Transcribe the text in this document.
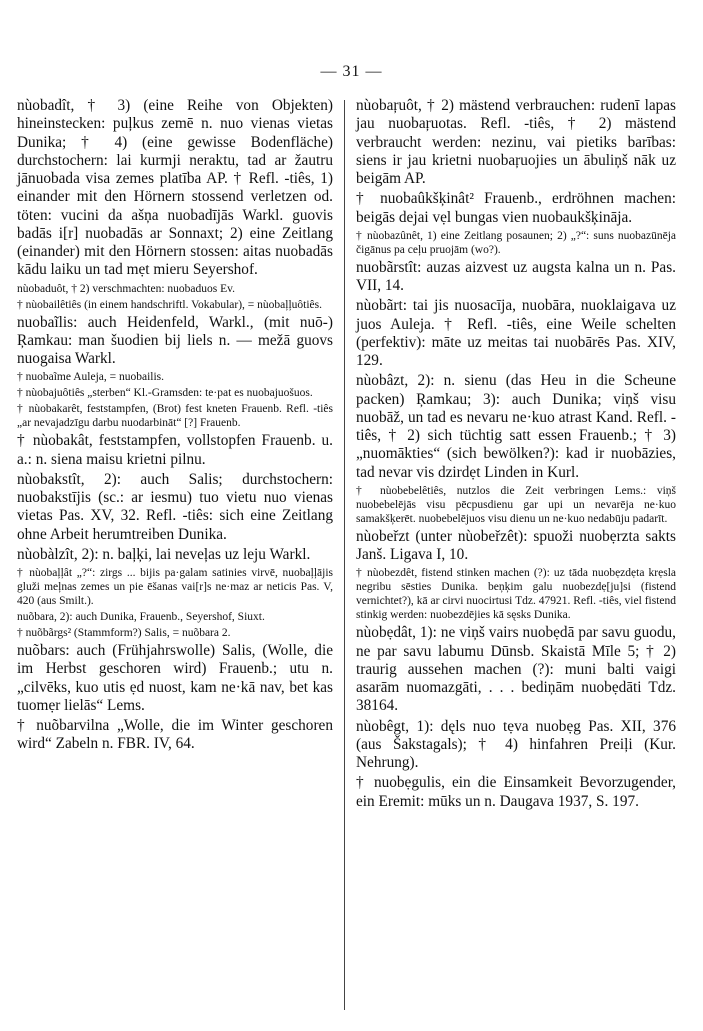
— 31 —

nùobadît, † 3) (eine Reihe von Objekten) hineinstecken: puļkus zemē n. nuo vienas vietas Dunika; † 4) (eine gewisse Bodenfläche) durchstochern: lai kurmji neraktu, tad ar žautru jānuobada visa zemes platība AP. † Refl. -tiês, 1) einander mit den Hörnern stossend verletzen od. töten: vucini da ašņa nuobadījās Warkl. guovis badās i[r] nuobadās ar Sonnaxt; 2) eine Zeitlang (einander) mit den Hörnern stossen: aitas nuobadās kādu laiku un tad mẹt mieru Seyershof.

nùobaduôt, † 2) verschmachten: nuobaduos Ev.

† nùobailêtiês (in einem handschriftl. Vokabular), = nùobaļļuôtiês.

nuobaĩlis: auch Heidenfeld, Warkl., (mit nuō-) Ŗamkau: man šuodien bij liels n. — mežā guovs nuogaisa Warkl.

† nuobaĩme Auleja, = nuobailis.

† nùobajuôtiês „sterben“ Kl.-Gramsden: te·pat es nuobajuošuos.

† nùobakarêt, feststampfen, (Brot) fest kneten Frauenb. Refl. -tiês „ar nevajadzīgu darbu nuodarbināt“ [?] Frauenb.

† nùobakât, feststampfen, vollstopfen Frauenb. u. a.: n. siena maisu krietni pilnu.

nùobakstît, 2): auch Salis; durchstochern: nuobakstījis (sc.: ar iesmu) tuo vietu nuo vienas vietas Pas. XV, 32. Refl. -tiês: sich eine Zeitlang ohne Arbeit herumtreiben Dunika.

nùobàlzît, 2): n. baļķi, lai neveļas uz leju Warkl.

† nùobaļļât „?“: zirgs ... bijis pa·galam satinies virvē, nuobaļļājis gluži meļnas zemes un pie ēšanas vai[r]s ne·maz ar neticis Pas. V, 420 (aus Smilt.).

nuõbara, 2): auch Dunika, Frauenb., Seyershof, Siuxt.

† nuõbãrgs² (Stammform?) Salis, = nuõbara 2.

nuõbars: auch (Frühjahrswolle) Salis, (Wolle, die im Herbst geschoren wird) Frauenb.; utu n. „cilvēks, kuo utis ẹd nuost, kam ne·kā nav, bet kas tuomẹr lielās“ Lems.

† nuõbarvilna „Wolle, die im Winter geschoren wird“ Zabeln n. FBR. IV, 64.

nùobaŗuôt, † 2) mästend verbrauchen: rudenī lapas jau nuobaŗuotas. Refl. -tiês, † 2) mästend verbraucht werden: nezinu, vai pietiks barības: siens ir jau krietni nuobaŗuojies un ābuliņš nāk uz beigām AP.

† nuobaûkšķinât² Frauenb., erdröhnen machen: beigās dejai vẹl bungas vien nuobaukšķināja.

† nùobazûnêt, 1) eine Zeitlang posaunen; 2) „?“: suns nuobazūnēja čigānus pa ceļu pruojām (wo?).

nuobãrstît: auzas aizvest uz augsta kalna un n. Pas. VII, 14.

nùobãrt: tai jis nuosacīja, nuobāra, nuoklaigava uz juos Auleja. † Refl. -tiês, eine Weile schelten (perfektiv): māte uz meitas tai nuobārēs Pas. XIV, 129.

nùobâzt, 2): n. sienu (das Heu in die Scheune packen) Ŗamkau; 3): auch Dunika; viņš visu nuobāž, un tad es nevaru ne·kuo atrast Kand. Refl. -tiês, † 2) sich tüchtig satt essen Frauenb.; † 3) „nuomākties“ (sich bewölken?): kad ir nuobāzies, tad nevar vis dzirdẹt Linden in Kurl.

† nùobebelêtiês, nutzlos die Zeit verbringen Lems.: viņš nuobebelējās visu pēcpusdienu gar upi un nevarēja ne·kuo samakšķerēt. nuobebelējuos visu dienu un ne·kuo nedabūju padarīt.

nùobeřzt (unter nùobeřzêt): spuoži nuobẹrzta sakts Janš. Ligava I, 10.

† nùobezdêt, fistend stinken machen (?): uz tāda nuobẹzdẹta krẹsla negribu sēsties Dunika. beņķim galu nuobezdẹ[ju]si (fistend vernichtet?), kā ar cirvi nuocirtusi Tdz. 47921. Refl. -tiês, viel fistend stinkig werden: nuobezdējies kā sęsks Dunika.

nùobẹdât, 1): ne viņš vairs nuobẹdā par savu guodu, ne par savu labumu Dūnsb. Skaistā Mīle 5; † 2) traurig aussehen machen (?): muni balti vaigi asarām nuomazgāti, . . . bediņām nuobẹdāti Tdz. 38164.

nùobêgt, 1): dęls nuo tẹva nuobẹg Pas. XII, 376 (aus Šakstagals); † 4) hinfahren Preiļi (Kur. Nehrung).

† nuobẹgulis, ein die Einsamkeit Bevorzugender, ein Eremit: mūks un n. Daugava 1937, S. 197.
